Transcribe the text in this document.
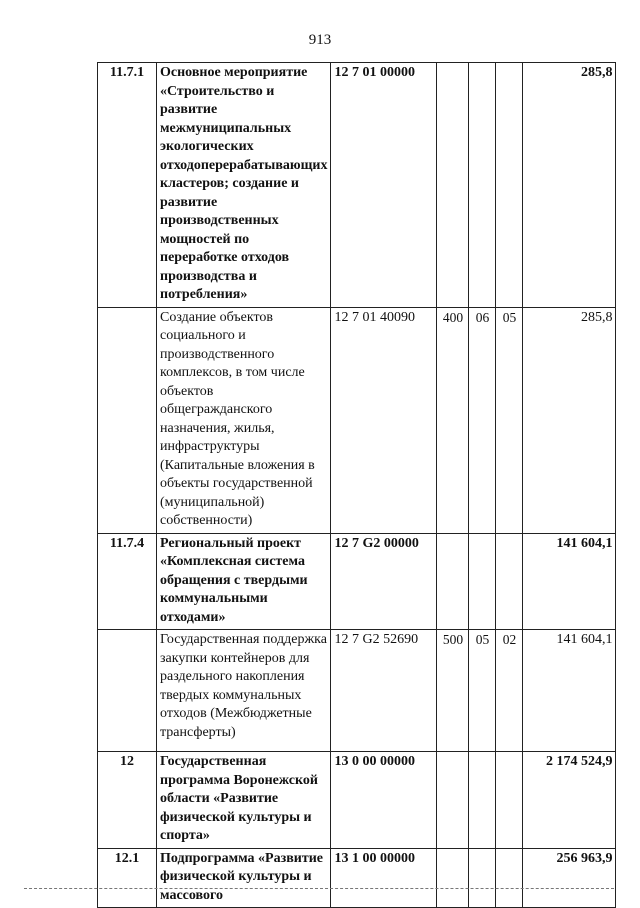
913
11.7.1	Основное мероприятие «Строительство и развитие межмуниципальных экологических отходоперерабатывающих кластеров; создание и развитие производственных мощностей по переработке отходов производства и потребления»	12 7 01 00000				285,8
	Создание объектов социального и производственного комплексов, в том числе объектов общегражданского назначения, жилья, инфраструктуры (Капитальные вложения в объекты государственной (муниципальной) собственности)	12 7 01 40090	400	06	05	285,8
11.7.4	Региональный проект «Комплексная система обращения с твердыми коммунальными отходами»	12 7 G2 00000				141 604,1
	Государственная поддержка закупки контейнеров для раздельного накопления твердых коммунальных отходов (Межбюджетные трансферты)	12 7 G2 52690	500	05	02	141 604,1
12	Государственная программа Воронежской области «Развитие физической культуры и спорта»	13 0 00 00000				2 174 524,9
12.1	Подпрограмма «Развитие физической культуры и массового	13 1 00 00000				256 963,9
